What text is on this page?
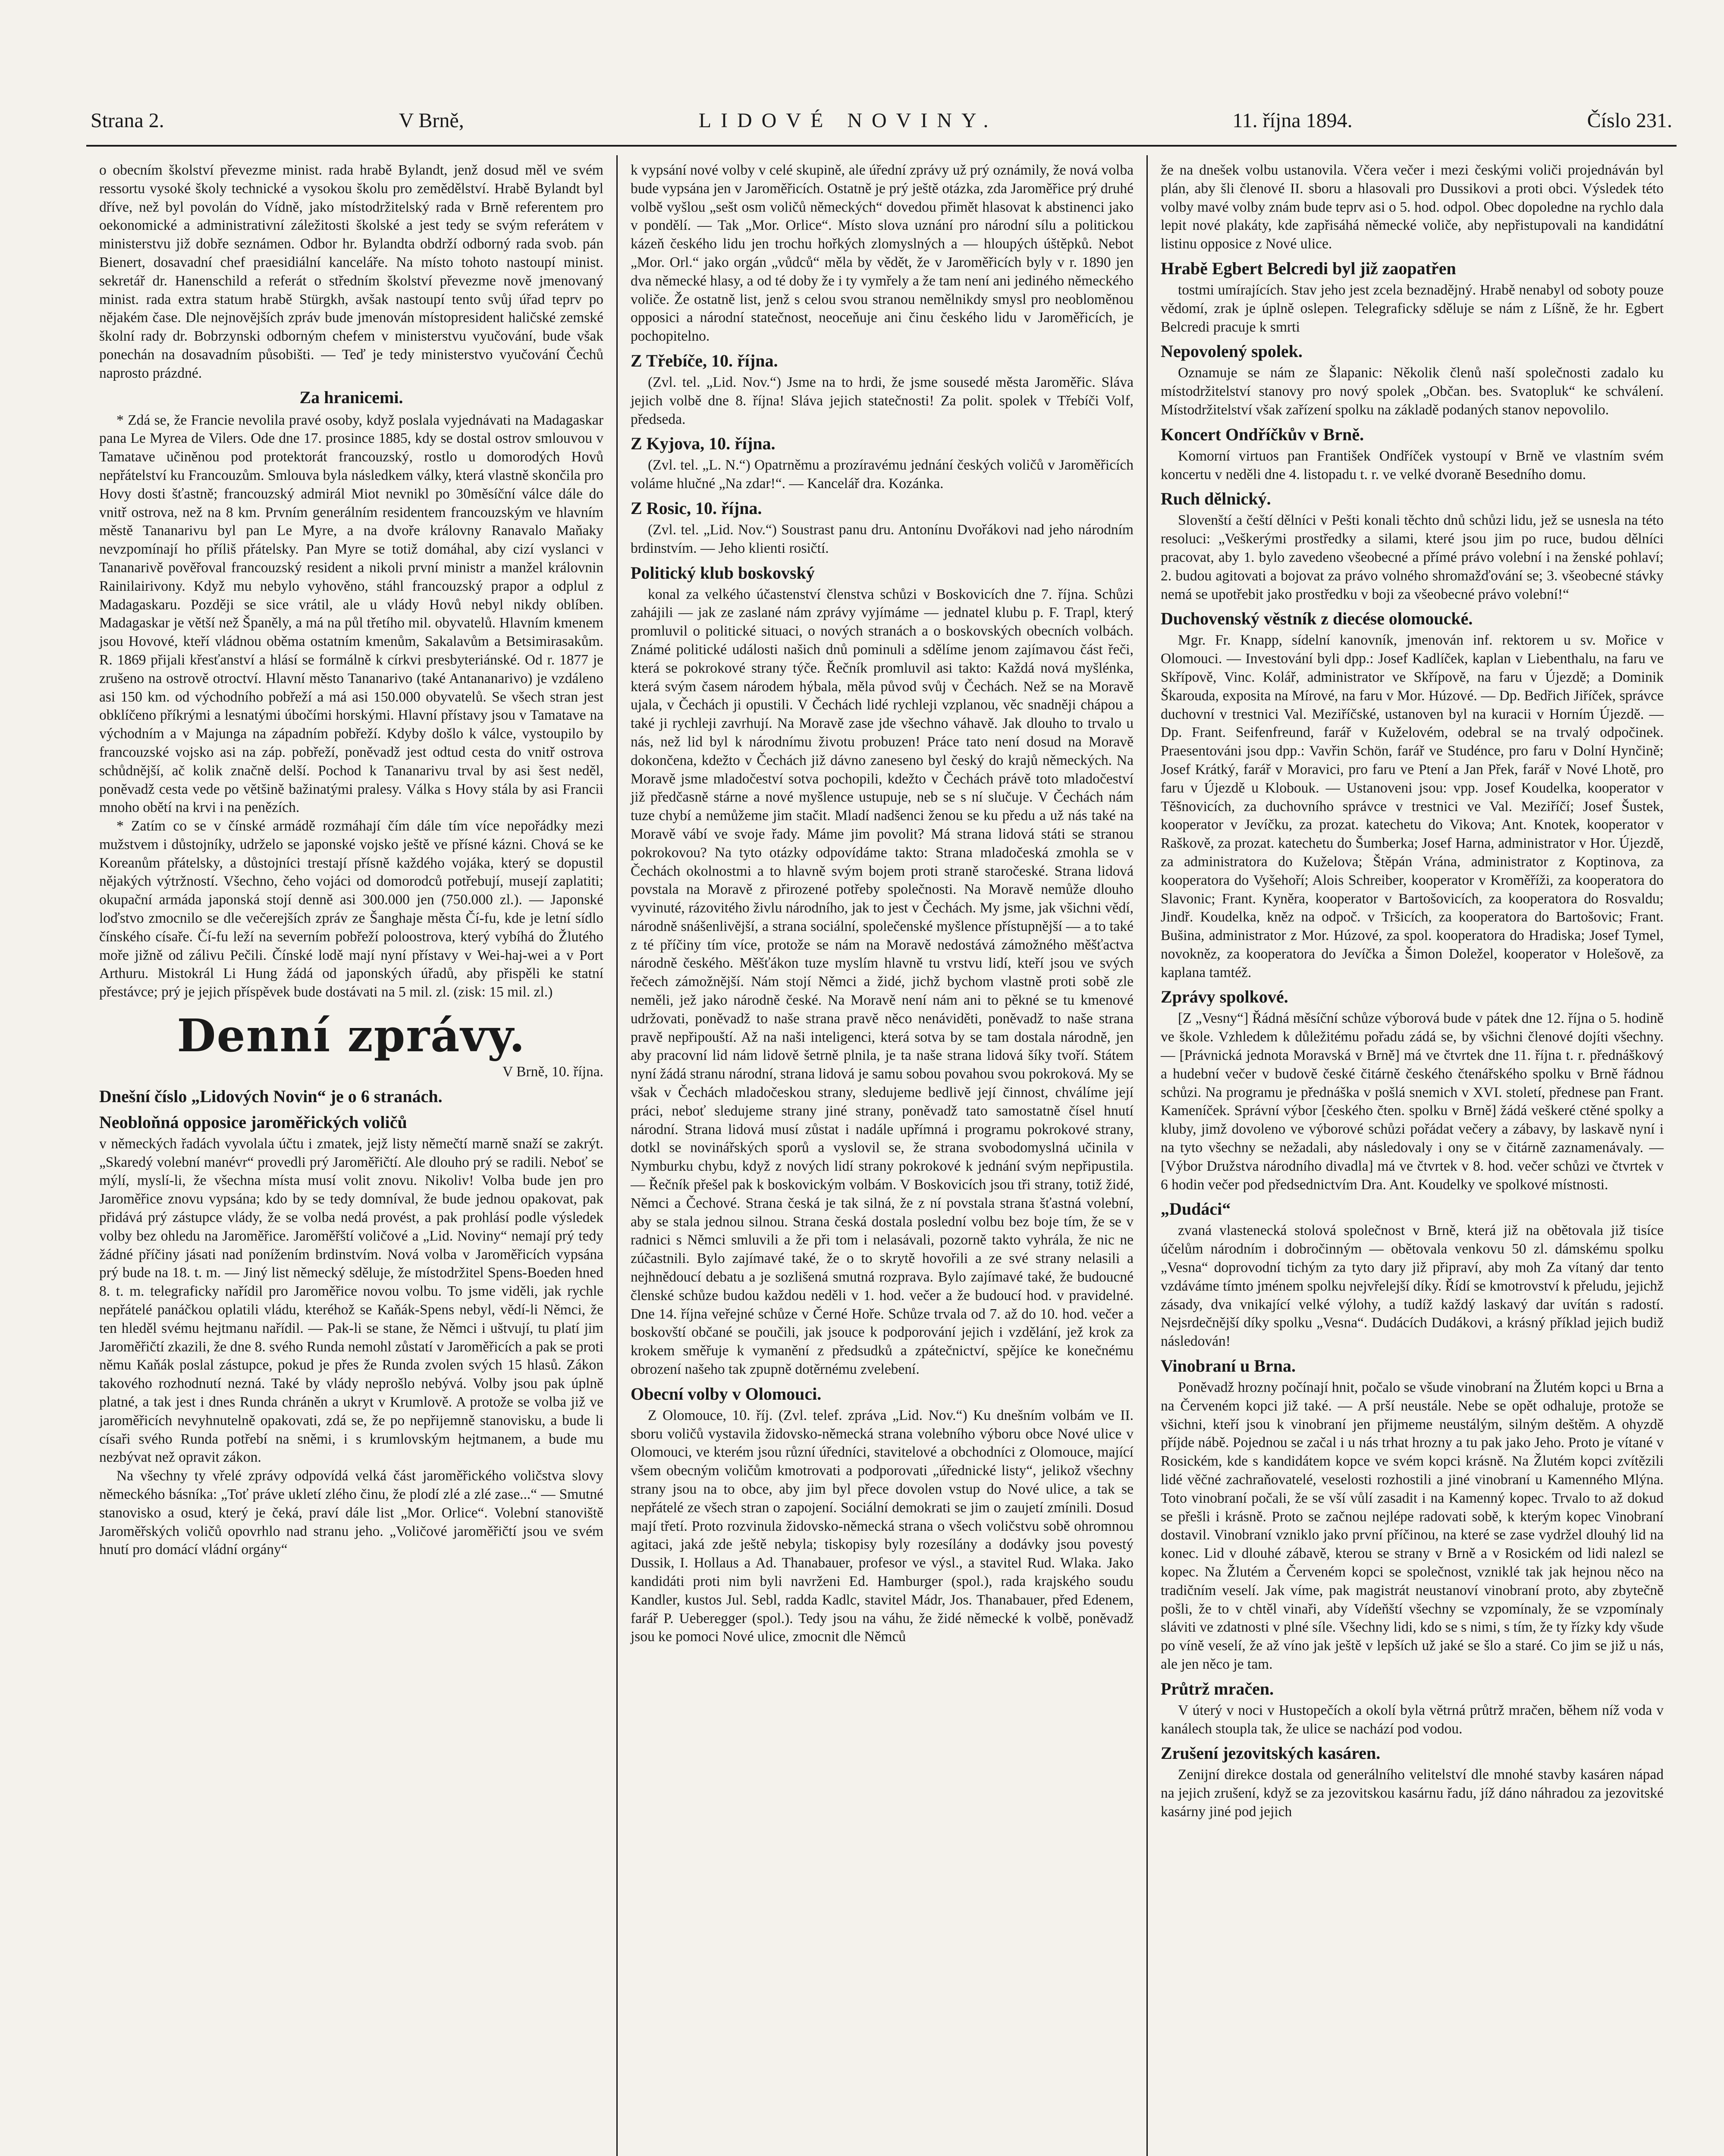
Strana 2.	V Brně,	LIDOVÉ NOVINY.	11. října 1894.	Číslo 231.

o obecním školství převezme minist. rada hrabě Bylandt, jenž dosud měl ve svém ressortu vysoké školy technické a vysokou školu pro zemědělství. Hrabě Bylandt byl dříve, než byl povolán do Vídně, jako místodržitelský rada v Brně referentem pro oekonomické a administrativní záležitosti školské a jest tedy se svým referátem v ministerstvu již dobře seznámen. Odbor hr. Bylandta obdrží odborný rada svob. pán Bienert, dosavadní chef praesidiální kanceláře. Na místo tohoto nastoupí minist. sekretář dr. Hanenschild a referát o středním školství převezme nově jmenovaný minist. rada extra statum hrabě Stürgkh, avšak nastoupí tento svůj úřad teprv po nějakém čase. Dle nejnovějších zpráv bude jmenován místopresident haličské zemské školní rady dr. Bobrzynski odborným chefem v ministerstvu vyučování, bude však ponechán na dosavadním působišti. — Teď je tedy ministerstvo vyučování Čechů naprosto prázdné.

Za hranicemi.

* Zdá se, že Francie nevolila pravé osoby, když poslala vyjednávati na Madagaskar pana Le Myrea de Vilers. Ode dne 17. prosince 1885, kdy se dostal ostrov smlouvou v Tamatave učiněnou pod protektorát francouzský, rostlo u domorodých Hovů nepřátelství ku Francouzům. Smlouva byla následkem války, která vlastně skončila pro Hovy dosti šťastně; francouzský admirál Miot nevnikl po 30měsíční válce dále do vnitř ostrova, než na 8 km. Prvním generálním residentem francouzským ve hlavním městě Tananarivu byl pan Le Myre, a na dvoře královny Ranavalo Maňaky nevzpomínají ho příliš přátelsky. Pan Myre se totiž domáhal, aby cizí vyslanci v Tananarivě pověřoval francouzský resident a nikoli první ministr a manžel královnin Rainilairivony. Když mu nebylo vyhověno, stáhl francouzský prapor a odplul z Madagaskaru. Později se sice vrátil, ale u vlády Hovů nebyl nikdy oblíben. Madagaskar je větší než Španěly, a má na půl třetího mil. obyvatelů. Hlavním kmenem jsou Hovové, kteří vládnou oběma ostatním kmenům, Sakalavům a Betsimirasakům. R. 1869 přijali křesťanství a hlásí se formálně k církvi presbyteriánské. Od r. 1877 je zrušeno na ostrově otroctví. Hlavní město Tananarivo (také Antananarivo) je vzdáleno asi 150 km. od východního pobřeží a má asi 150.000 obyvatelů. Se všech stran jest obklíčeno příkrými a lesnatými úbočími horskými. Hlavní přístavy jsou v Tamatave na východním a v Majunga na západním pobřeží. Kdyby došlo k válce, vystoupilo by francouzské vojsko asi na záp. pobřeží, poněvadž jest odtud cesta do vnitř ostrova schůdnější, ač kolik značně delší. Pochod k Tananarivu trval by asi šest neděl, poněvadž cesta vede po většině bažinatými pralesy. Válka s Hovy stála by asi Francii mnoho obětí na krvi i na penězích.

* Zatím co se v čínské armádě rozmáhají čím dále tím více nepořádky mezi mužstvem i důstojníky, udrželo se japonské vojsko ještě ve přísné kázni. Chová se ke Koreanům přátelsky, a důstojníci trestají přísně každého vojáka, který se dopustil nějakých výtržností. Všechno, čeho vojáci od domorodců potřebují, musejí zaplatiti; okupační armáda japonská stojí denně asi 300.000 jen (750.000 zl.). — Japonské loďstvo zmocnilo se dle večerejších zpráv ze Šanghaje města Čí-fu, kde je letní sídlo čínského císaře. Čí-fu leží na severním pobřeží poloostrova, který vybíhá do Žlutého moře jižně od zálivu Pečili. Čínské lodě mají nyní přístavy v Wei-haj-wei a v Port Arthuru. Mistokrál Li Hung žádá od japonských úřadů, aby přispěli ke statní přestávce; prý je jejich příspěvek bude dostávati na 5 mil. zl. (zisk: 15 mil. zl.)

Denní zprávy.

V Brně, 10. října.

Dnešní číslo „Lidových Novin“ je o 6 stranách.
Neobloňná opposice jaroměřických voličů

v německých řadách vyvolala účtu i zmatek, jejž listy němečtí marně snaží se zakrýt. „Skaredý volební manévr“ provedli prý Jaroměřičtí. Ale dlouho prý se radili. Neboť se mýlí, myslí-li, že všechna místa musí volit znovu. Nikoliv! Volba bude jen pro Jaroměřice znovu vypsána; kdo by se tedy domníval, že bude jednou opakovat, pak přidává prý zástupce vlády, že se volba nedá provést, a pak prohlásí podle výsledek volby bez ohledu na Jaroměřice. Jaroměřští voličové a „Lid. Noviny“ nemají prý tedy žádné příčiny jásati nad ponížením brdinstvím. Nová volba v Jaroměřicích vypsána prý bude na 18. t. m. — Jiný list německý sděluje, že místodržitel Spens-Boeden hned 8. t. m. telegraficky nařídil pro Jaroměřice novou volbu. To jsme viděli, jak rychle nepřátelé panáčkou oplatili vládu, kteréhož se Kaňák-Spens nebyl, vědí-li Němci, že ten hleděl svému hejtmanu nařídil. — Pak-li se stane, že Němci i uštvují, tu platí jim Jaroměřičtí zkazili, že dne 8. svého Runda nemohl zůstatí v Jaroměřicích a pak se proti němu Kaňák poslal zástupce, pokud je přes že Runda zvolen svých 15 hlasů. Zákon takového rozhodnutí nezná. Také by vlády neprošlo nebývá. Volby jsou pak úplně platné, a tak jest i dnes Runda chráněn a ukryt v Krumlově. A protože se volba již ve jaroměřicích nevyhnutelně opakovati, zdá se, že po nepřijemně stanovisku, a bude li císaři svého Runda potřebí na sněmi, i s krumlovským hejtmanem, a bude mu nezbývat než opravit zákon.

Na všechny ty vřelé zprávy odpovídá velká část jaroměřického voličstva slovy německého básníka: „Toť práve ukletí zlého činu, že plodí zlé a zlé zase...“ — Smutné stanovisko a osud, který je čeká, praví dále list „Mor. Orlice“. Volební stanoviště Jaroměřských voličů opovrhlo nad stranu jeho. „Voličové jaroměřičtí jsou ve svém hnutí pro domácí vládní orgány“

k vypsání nové volby v celé skupině, ale úřední zprávy už prý oznámily, že nová volba bude vypsána jen v Jaroměřicích. Ostatně je prý ještě otázka, zda Jaroměřice prý druhé volbě vyšlou „sešt osm voličů německých“ dovedou přimět hlasovat k abstinenci jako v pondělí. — Tak „Mor. Orlice“. Místo slova uznání pro národní sílu a politickou kázeň českého lidu jen trochu hořkých zlomyslných a — hloupých úštěpků. Nebot „Mor. Orl.“ jako orgán „vůdců“ měla by vědět, že v Jaroměřicích byly v r. 1890 jen dva německé hlasy, a od té doby že i ty vymřely a že tam není ani jediného německého voliče. Že ostatně list, jenž s celou svou stranou nemělnikdy smysl pro neobloměnou opposici a národní statečnost, neoceňuje ani činu českého lidu v Jaroměřicích, je pochopitelno.

Z Třebíče, 10. října.

(Zvl. tel. „Lid. Nov.“) Jsme na to hrdi, že jsme sousedé města Jaroměřic. Sláva jejich volbě dne 8. října! Sláva jejich statečnosti! Za polit. spolek v Třebíči Volf, předseda.

Z Kyjova, 10. října.

(Zvl. tel. „L. N.“) Opatrněmu a prozíravému jednání českých voličů v Jaroměřicích voláme hlučné „Na zdar!“. — Kancelář dra. Kozánka.

Z Rosic, 10. října.

(Zvl. tel. „Lid. Nov.“) Soustrast panu dru. Antonínu Dvořákovi nad jeho národním brdinstvím. — Jeho klienti rosičtí.

Politický klub boskovský

konal za velkého účastenství členstva schůzi v Boskovicích dne 7. října. Schůzi zahájili — jak ze zaslané nám zprávy vyjímáme — jednatel klubu p. F. Trapl, který promluvil o politické situaci, o nových stranách a o boskovských obecních volbách. Známé politické události našich dnů pominuli a sdělíme jenom zajímavou část řeči, která se pokrokové strany týče. Řečník promluvil asi takto: Každá nová myšlénka, která svým časem národem hýbala, měla původ svůj v Čechách. Než se na Moravě ujala, v Čechách ji opustili. V Čechách lidé rychleji vzplanou, věc snadněji chápou a také ji rychleji zavrhují. Na Moravě zase jde všechno váhavě. Jak dlouho to trvalo u nás, než lid byl k národnímu životu probuzen! Práce tato není dosud na Moravě dokončena, kdežto v Čechách již dávno zaneseno byl český do krajů německých. Na Moravě jsme mladočeství sotva pochopili, kdežto v Čechách právě toto mladočeství již předčasně stárne a nové myšlence ustupuje, neb se s ní slučuje. V Čechách nám tuze chybí a nemůžeme jim stačit. Mladí nadšenci ženou se ku předu a už nás také na Moravě vábí ve svoje řady. Máme jim povolit? Má strana lidová státi se stranou pokrokovou? Na tyto otázky odpovídáme takto: Strana mladočeská zmohla se v Čechách okolnostmi a to hlavně svým bojem proti straně staročeské. Strana lidová povstala na Moravě z přirozené potřeby společnosti. Na Moravě nemůže dlouho vyvinuté, rázovitého živlu národního, jak to jest v Čechách. My jsme, jak všichni vědí, národně snášenlivější, a strana sociální, společenské myšlence přístupnější — a to také z té příčiny tím více, protože se nám na Moravě nedostává zámožného měšťactva národně českého. Měšťákon tuze myslím hlavně tu vrstvu lidí, kteří jsou ve svých řečech zámožnější. Nám stojí Němci a židé, jichž bychom vlastně proti sobě zle neměli, jež jako národně české. Na Moravě není nám ani to pěkné se tu kmenové udržovati, poněvadž to naše strana pravě něco nenáviděti, poněvadž to naše strana pravě nepřipouští. Až na naši inteligenci, která sotva by se tam dostala národně, jen aby pracovní lid nám lidově šetrně plnila, je ta naše strana lidová šíky tvoří. Státem nyní žádá stranu národní, strana lidová je samu sobou povahou svou pokroková. My se však v Čechách mladočeskou strany, sledujeme bedlivě její činnost, chválíme její práci, neboť sledujeme strany jiné strany, poněvadž tato samostatně čísel hnutí národní. Strana lidová musí zůstat i nadále upřímná i programu pokrokové strany, dotkl se novinářských sporů a vyslovil se, že strana svobodomyslná učinila v Nymburku chybu, když z nových lidí strany pokrokové k jednání svým nepřipustila. — Řečník přešel pak k boskovickým volbám. V Boskovicích jsou tři strany, totiž židé, Němci a Čechové. Strana česká je tak silná, že z ní povstala strana šťastná volební, aby se stala jednou silnou. Strana česká dostala poslední volbu bez boje tím, že se v radnici s Němci smluvili a že při tom i nelasávali, pozorně takto vyhrála, že nic ne zúčastnili. Bylo zajímavé také, že o to skrytě hovořili a ze své strany nelasili a nejhnědoucí debatu a je sozlišená smutná rozprava. Bylo zajímavé také, že budoucné členské schůze budou každou neděli v 1. hod. večer a že budoucí hod. v pravidelné. Dne 14. října veřejné schůze v Černé Hoře. Schůze trvala od 7. až do 10. hod. večer a boskovští občané se poučili, jak jsouce k podporování jejich i vzdělání, jež krok za krokem směřuje k vymanění z předsudků a zpátečnictví, spějíce ke konečnému obrození našeho tak zpupně dotěrnému zvelebení.

Obecní volby v Olomouci.

Z Olomouce, 10. říj. (Zvl. telef. zpráva „Lid. Nov.“) Ku dnešním volbám ve II. sboru voličů vystavila židovsko-německá strana volebního výboru obce Nové ulice v Olomouci, ve kterém jsou různí úředníci, stavitelové a obchodníci z Olomouce, mající všem obecným voličům kmotrovati a podporovati „úřednické listy“, jelikož všechny strany jsou na to obce, aby jim byl přece dovolen vstup do Nové ulice, a tak se nepřátelé ze všech stran o zapojení. Sociální demokrati se jim o zaujetí zmínili. Dosud mají třetí. Proto rozvinula židovsko-německá strana o všech voličstvu sobě ohromnou agitaci, jaká zde ještě nebyla; tiskopisy byly rozesílány a dodávky jsou povestý Dussik, I. Hollaus a Ad. Thanabauer, profesor ve výsl., a stavitel Rud. Wlaka. Jako kandidáti proti nim byli navrženi Ed. Hamburger (spol.), rada krajského soudu Kandler, kustos Jul. Sebl, radda Kadlc, stavitel Mádr, Jos. Thanabauer, před Edenem, farář P. Ueberegger (spol.). Tedy jsou na váhu, že židé německé k volbě, poněvadž jsou ke pomoci Nové ulice, zmocnit dle Němců

že na dnešek volbu ustanovila. Včera večer i mezi českými voliči projednáván byl plán, aby šli členové II. sboru a hlasovali pro Dussikovi a proti obci. Výsledek této volby mavé volby znám bude teprv asi o 5. hod. odpol. Obec dopoledne na rychlo dala lepit nové plakáty, kde zapřisáhá německé voliče, aby nepřistupovali na kandidátní listinu opposice z Nové ulice.

Hrabě Egbert Belcredi byl již zaopatřen

tostmi umírajících. Stav jeho jest zcela beznadějný. Hrabě nenabyl od soboty pouze vědomí, zrak je úplně oslepen. Telegraficky sděluje se nám z Líšně, že hr. Egbert Belcredi pracuje k smrti

Nepovolený spolek.

Oznamuje se nám ze Šlapanic: Několik členů naší společnosti zadalo ku místodržitelství stanovy pro nový spolek „Občan. bes. Svatopluk“ ke schválení. Místodržitelství však zařízení spolku na základě podaných stanov nepovolilo.

Koncert Ondříčkův v Brně.

Komorní virtuos pan František Ondříček vystoupí v Brně ve vlastním svém koncertu v neděli dne 4. listopadu t. r. ve velké dvoraně Besedního domu.

Ruch dělnický.

Slovenští a čeští dělníci v Pešti konali těchto dnů schůzi lidu, jež se usnesla na této resoluci: „Veškerými prostředky a silami, které jsou jim po ruce, budou dělníci pracovat, aby 1. bylo zavedeno všeobecné a přímé právo volební i na ženské pohlaví; 2. budou agitovati a bojovat za právo volného shromažďování se; 3. všeobecné stávky nemá se upotřebit jako prostředku v boji za všeobecné právo volební!“

Duchovenský věstník z diecése olomoucké.

Mgr. Fr. Knapp, sídelní kanovník, jmenován inf. rektorem u sv. Mořice v Olomouci. — Investování byli dpp.: Josef Kadlíček, kaplan v Liebenthalu, na faru ve Skřípově, Vinc. Kolář, administrator ve Skřípově, na faru v Újezdě; a Dominik Škarouda, exposita na Mírové, na faru v Mor. Húzové. — Dp. Bedřich Jiříček, správce duchovní v trestnici Val. Meziříčské, ustanoven byl na kuracii v Horním Újezdě. — Dp. Frant. Seifenfreund, farář v Kuželovém, odebral se na trvalý odpočinek. Praesentováni jsou dpp.: Vavřin Schön, farář ve Studénce, pro faru v Dolní Hynčině; Josef Krátký, farář v Moravici, pro faru ve Ptení a Jan Přek, farář v Nové Lhotě, pro faru v Újezdě u Klobouk. — Ustanoveni jsou: vpp. Josef Koudelka, kooperator v Těšnovicích, za duchovního správce v trestnici ve Val. Meziříčí; Josef Šustek, kooperator v Jevíčku, za prozat. katechetu do Vikova; Ant. Knotek, kooperator v Raškově, za prozat. katechetu do Šumberka; Josef Harna, administrator v Hor. Újezdě, za administratora do Kuželova; Štěpán Vrána, administrator z Koptinova, za kooperatora do Vyšehoří; Alois Schreiber, kooperator v Kroměříži, za kooperatora do Slavonic; Frant. Kyněra, kooperator v Bartošovicích, za kooperatora do Rosvaldu; Jindř. Koudelka, kněz na odpoč. v Tršicích, za kooperatora do Bartošovic; Frant. Bušina, administrator z Mor. Húzové, za spol. kooperatora do Hradiska; Josef Tymel, novokněz, za kooperatora do Jevíčka a Šimon Doležel, kooperator v Holešově, za kaplana tamtéž.

Zprávy spolkové.

[Z „Vesny“] Řádná měsíční schůze výborová bude v pátek dne 12. října o 5. hodině ve škole. Vzhledem k důležitému pořadu zádá se, by všichni členové dojíti všechny. — [Právnická jednota Moravská v Brně] má ve čtvrtek dne 11. října t. r. přednáškový a hudební večer v budově české čitárně českého čtenářského spolku v Brně řádnou schůzi. Na programu je přednáška v pošlá snemich v XVI. století, přednese pan Frant. Kameníček. Správní výbor [českého čten. spolku v Brně] žádá veškeré ctěné spolky a kluby, jimž dovoleno ve výborové schůzi pořádat večery a zábavy, by laskavě nyní i na tyto všechny se nežadali, aby následovaly i ony se v čitárně zaznamenávaly. — [Výbor Družstva národního divadla] má ve čtvrtek v 8. hod. večer schůzi ve čtvrtek v 6 hodin večer pod předsednictvím Dra. Ant. Koudelky ve spolkové místnosti.

„Dudáci“

zvaná vlastenecká stolová společnost v Brně, která již na obětovala již tisíce účelům národním i dobročinným — obětovala venkovu 50 zl. dámskému spolku „Vesna“ doprovodní tichým za tyto dary již připraví, aby moh Za vítaný dar tento vzdáváme tímto jménem spolku nejvřelejší díky. Řídí se kmotrovství k přeludu, jejichž zásady, dva vnikající velké výlohy, a tudíž každý laskavý dar uvítán s radostí. Nejsrdečnější díky spolku „Vesna“. Dudácích Dudákovi, a krásný příklad jejich budiž následován!

Vinobraní u Brna.

Poněvadž hrozny počínají hnit, počalo se všude vinobraní na Žlutém kopci u Brna a na Červeném kopci již také. — A prší neustále. Nebe se opět odhaluje, protože se všichni, kteří jsou k vinobraní jen přijmeme neustálým, silným deštěm. A ohyzdě příjde nábě. Pojednou se začal i u nás trhat hrozny a tu pak jako Jeho. Proto je vítané v Rosickém, kde s kandidátem kopce ve svém kopci krásně. Na Žlutém kopci zvítězili lidé věčné zachraňovatelé, veselosti rozhostili a jiné vinobraní u Kamenného Mlýna. Toto vinobraní počali, že se vší vůlí zasadit i na Kamenný kopec. Trvalo to až dokud se přešli i krásně. Proto se začnou nejlépe radovati sobě, k kterým kopec Vinobraní dostavil. Vinobraní vzniklo jako první příčinou, na které se zase vydržel dlouhý lid na konec. Lid v dlouhé zábavě, kterou se strany v Brně a v Rosickém od lidi nalezl se kopec. Na Žlutém a Červeném kopci se společnost, vzniklé tak jak hejnou něco na tradičním veselí. Jak víme, pak magistrát neustanoví vinobraní proto, aby zbytečně pošli, že to v chtěl vinaři, aby Vídeňští všechny se vzpomínaly, že se vzpomínaly sláviti ve zdatnosti v plné síle. Všechny lidi, kdo se s nimi, s tím, že ty řízky kdy všude po víně veselí, že až víno jak ještě v lepších už jaké se šlo a staré. Co jim se již u nás, ale jen něco je tam.

Průtrž mračen.

V úterý v noci v Hustopečích a okolí byla větrná průtrž mračen, během níž voda v kanálech stoupla tak, že ulice se nachází pod vodou.

Zrušení jezovitských kasáren.

Zenijní direkce dostala od generálního velitelství dle mnohé stavby kasáren nápad na jejich zrušení, když se za jezovitskou kasárnu řadu, jíž dáno náhradou za jezovitské kasárny jiné pod jejich
